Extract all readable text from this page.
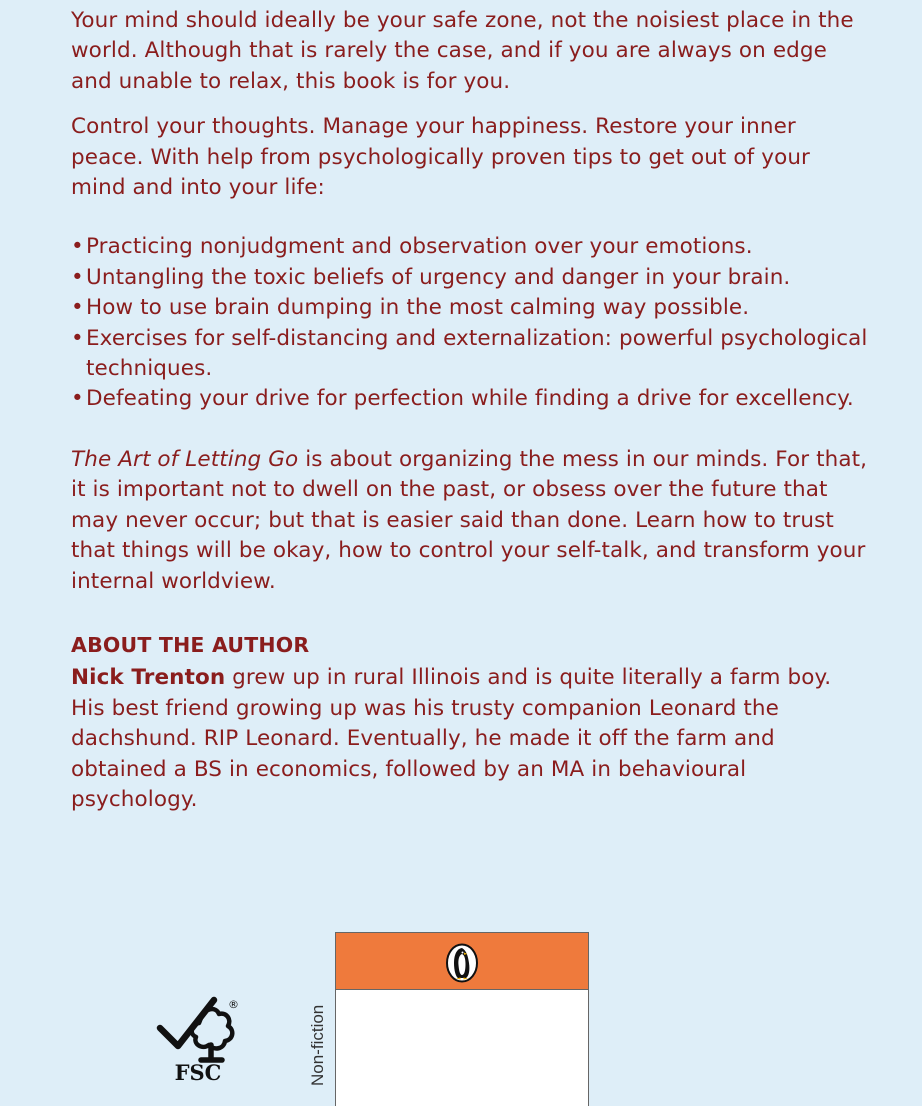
Your mind should ideally be your safe zone, not the noisiest place in the world. Although that is rarely the case, and if you are always on edge and unable to relax, this book is for you.

Control your thoughts. Manage your happiness. Restore your inner peace. With help from psychologically proven tips to get out of your mind and into your life:

• Practicing nonjudgment and observation over your emotions.
• Untangling the toxic beliefs of urgency and danger in your brain.
• How to use brain dumping in the most calming way possible.
• Exercises for self-distancing and externalization: powerful psychological techniques.
• Defeating your drive for perfection while finding a drive for excellency.

The Art of Letting Go is about organizing the mess in our minds. For that, it is important not to dwell on the past, or obsess over the future that may never occur; but that is easier said than done. Learn how to trust that things will be okay, how to control your self-talk, and transform your internal worldview.

ABOUT THE AUTHOR

Nick Trenton grew up in rural Illinois and is quite literally a farm boy. His best friend growing up was his trusty companion Leonard the dachshund. RIP Leonard. Eventually, he made it off the farm and obtained a BS in economics, followed by an MA in behavioural psychology.

®
FSC	Non-fiction
